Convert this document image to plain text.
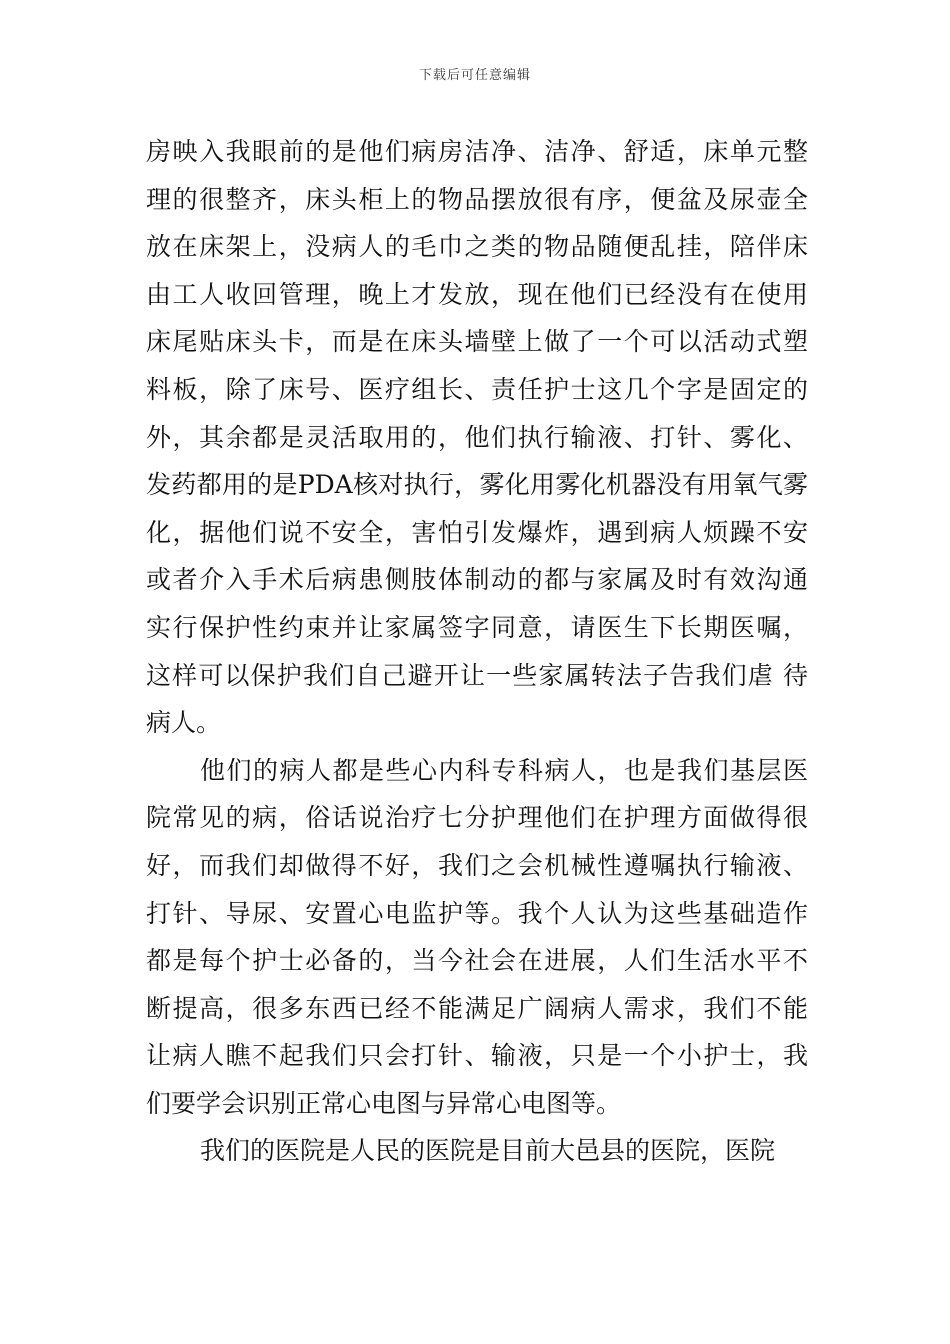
下载后可任意编辑
房映入我眼前的是他们病房洁净、洁净、舒适，床单元整
理的很整齐，床头柜上的物品摆放很有序，便盆及尿壶全
放在床架上，没病人的毛巾之类的物品随便乱挂，陪伴床
由工人收回管理，晚上才发放，现在他们已经没有在使用
床尾贴床头卡，而是在床头墙壁上做了一个可以活动式塑
料板，除了床号、医疗组长、责任护士这几个字是固定的
外，其余都是灵活取用的，他们执行输液、打针、雾化、
发药都用的是PDA核对执行，雾化用雾化机器没有用氧气雾
化，据他们说不安全，害怕引发爆炸，遇到病人烦躁不安
或者介入手术后病患侧肢体制动的都与家属及时有效沟通
实行保护性约束并让家属签字同意，请医生下长期医嘱，
这样可以保护我们自己避开让一些家属转法子告我们虐 待
病人。
他们的病人都是些心内科专科病人，也是我们基层医
院常见的病，俗话说治疗七分护理他们在护理方面做得很
好，而我们却做得不好，我们之会机械性遵嘱执行输液、
打针、导尿、安置心电监护等。我个人认为这些基础造作
都是每个护士必备的，当今社会在进展，人们生活水平不
断提高，很多东西已经不能满足广阔病人需求，我们不能
让病人瞧不起我们只会打针、输液，只是一个小护士，我
们要学会识别正常心电图与异常心电图等。
我们的医院是人民的医院是目前大邑县的医院，医院
